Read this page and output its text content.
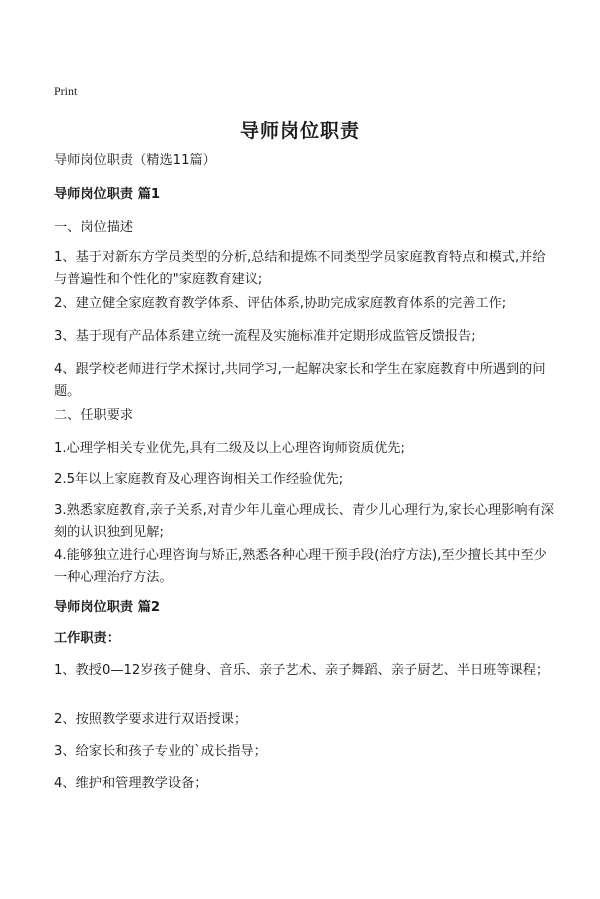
Print
导师岗位职责
导师岗位职责（精选11篇）
导师岗位职责 篇1
一、岗位描述
1、基于对新东方学员类型的分析,总结和提炼不同类型学员家庭教育特点和模式,并给与普遍性和个性化的"家庭教育建议;
2、建立健全家庭教育教学体系、评估体系,协助完成家庭教育体系的完善工作;
3、基于现有产品体系建立统一流程及实施标准并定期形成监管反馈报告;
4、跟学校老师进行学术探讨,共同学习,一起解决家长和学生在家庭教育中所遇到的问题。
二、任职要求
1.心理学相关专业优先,具有二级及以上心理咨询师资质优先;
2.5年以上家庭教育及心理咨询相关工作经验优先;
3.熟悉家庭教育,亲子关系,对青少年儿童心理成长、青少儿心理行为,家长心理影响有深刻的认识独到见解;
4.能够独立进行心理咨询与矫正,熟悉各种心理干预手段(治疗方法),至少擅长其中至少一种心理治疗方法。
导师岗位职责 篇2
工作职责：
1、教授0—12岁孩子健身、音乐、亲子艺术、亲子舞蹈、亲子厨艺、半日班等课程；
2、按照教学要求进行双语授课；
3、给家长和孩子专业的`成长指导；
4、维护和管理教学设备；
